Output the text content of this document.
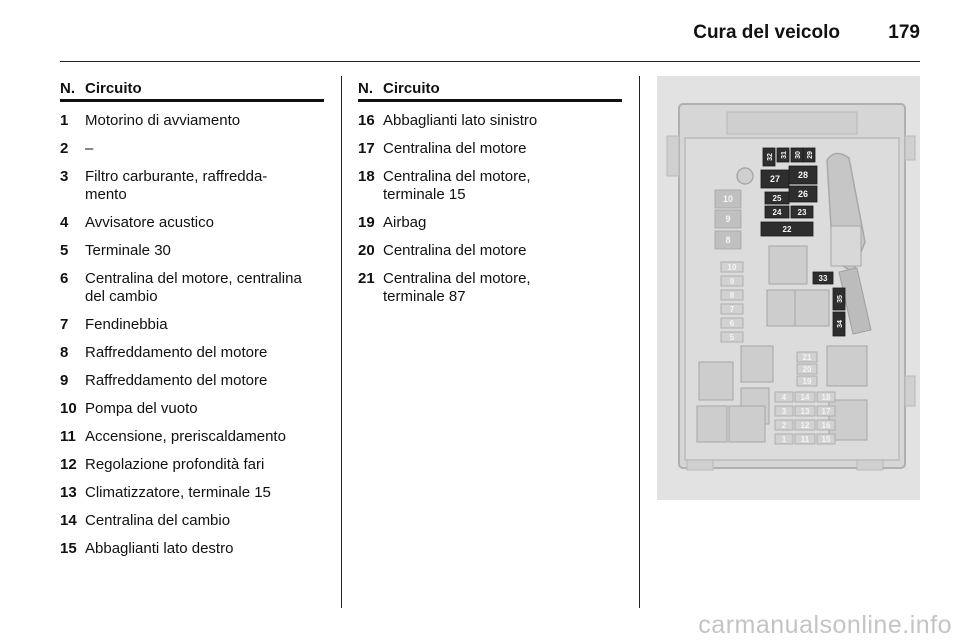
Cura del veicolo	179
N. Circuito
1	Motorino di avviamento
2	–
3	Filtro carburante, raffredda-
mento
4	Avvisatore acustico
5	Terminale 30
6	Centralina del motore, centralina
del cambio
7	Fendinebbia
8	Raffreddamento del motore
9	Raffreddamento del motore
10 Pompa del vuoto
11 Accensione, preriscaldamento
12 Regolazione profondità fari
13 Climatizzatore, terminale 15
14 Centralina del cambio
15 Abbaglianti lato destro
N. Circuito
16 Abbaglianti lato sinistro
17 Centralina del motore
18 Centralina del motore,
terminale 15
19 Airbag
20 Centralina del motore
21 Centralina del motore,
terminale 87
1
2
3
4
5
6
7
8
8
9
9
10
10
11
12
13
14
15
16
17
18
19
20
21
22
23
24
25 26
27 28
29
30
31
32
33
34
35
carmanualsonline.info
